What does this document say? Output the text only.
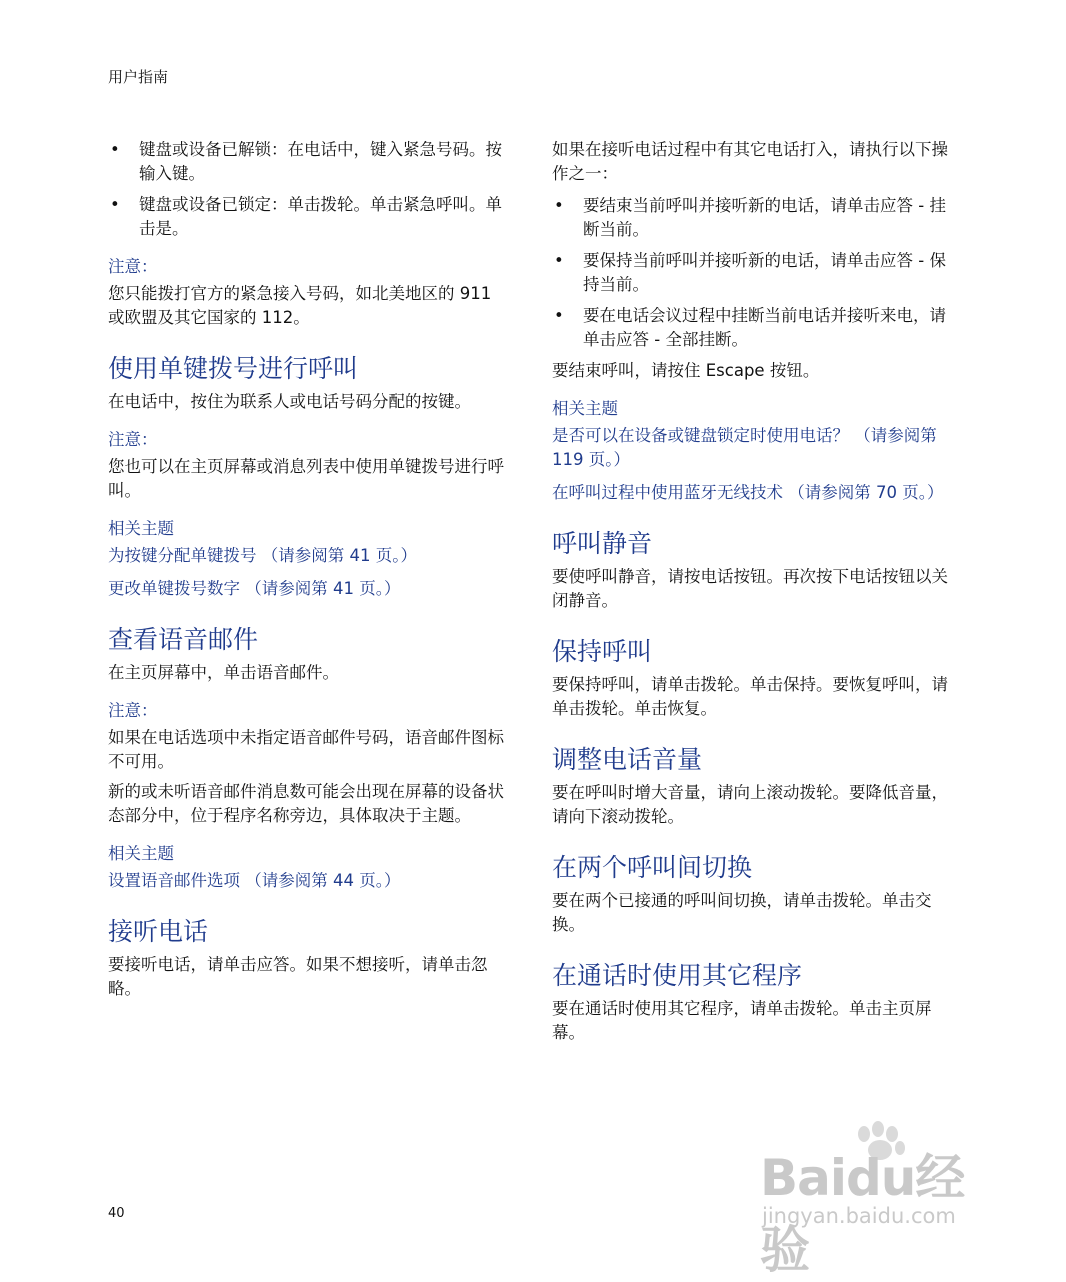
用户指南
• 键盘或设备已解锁：在电话中，键入紧急号码。按输入键。
• 键盘或设备已锁定：单击拨轮。单击紧急呼叫。单击是。
注意：

您只能拨打官方的紧急接入号码，如北美地区的 911 或欧盟及其它国家的 112。

使用单键拨号进行呼叫

在电话中，按住为联系人或电话号码分配的按键。

注意：

您也可以在主页屏幕或消息列表中使用单键拨号进行呼叫。

相关主题
为按键分配单键拨号 （请参阅第 41 页。）
更改单键拨号数字 （请参阅第 41 页。）
查看语音邮件

在主页屏幕中，单击语音邮件。

注意：

如果在电话选项中未指定语音邮件号码，语音邮件图标不可用。

新的或未听语音邮件消息数可能会出现在屏幕的设备状态部分中，位于程序名称旁边，具体取决于主题。

相关主题
设置语音邮件选项 （请参阅第 44 页。）
接听电话

要接听电话，请单击应答。如果不想接听，请单击忽略。

如果在接听电话过程中有其它电话打入，请执行以下操作之一：

• 要结束当前呼叫并接听新的电话，请单击应答 - 挂断当前。
• 要保持当前呼叫并接听新的电话，请单击应答 - 保持当前。
• 要在电话会议过程中挂断当前电话并接听来电，请单击应答 - 全部挂断。

要结束呼叫，请按住 Escape 按钮。

相关主题
是否可以在设备或键盘锁定时使用电话？ （请参阅第 119 页。）
在呼叫过程中使用蓝牙无线技术 （请参阅第 70 页。）
呼叫静音

要使呼叫静音，请按电话按钮。再次按下电话按钮以关闭静音。

保持呼叫

要保持呼叫，请单击拨轮。单击保持。要恢复呼叫，请单击拨轮。单击恢复。

调整电话音量

要在呼叫时增大音量，请向上滚动拨轮。要降低音量，请向下滚动拨轮。

在两个呼叫间切换

要在两个已接通的呼叫间切换，请单击拨轮。单击交换。

在通话时使用其它程序

要在通话时使用其它程序，请单击拨轮。单击主页屏幕。

40
Baidu经验
jingyan.baidu.com
